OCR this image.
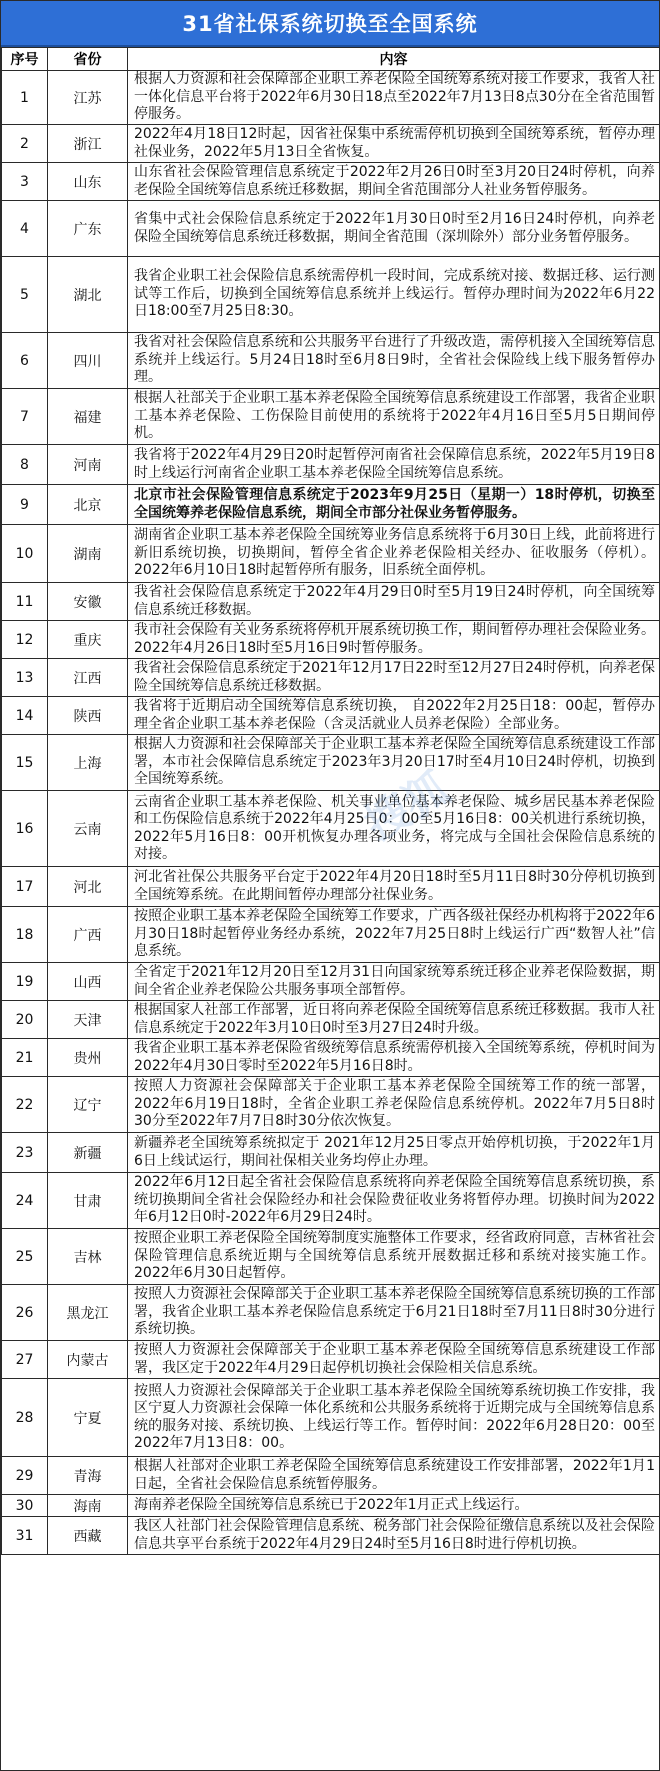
31省社保系统切换至全国系统
序号	省份	内容
1	江苏	根据人力资源和社会保障部企业职工养老保险全国统筹系统对接工作要求，我省人社一体化信息平台将于2022年6月30日18点至2022年7月13日8点30分在全省范围暂停服务。
2	浙江	2022年4月18日12时起，因省社保集中系统需停机切换到全国统筹系统，暂停办理社保业务，2022年5月13日全省恢复。
3	山东	山东省社会保险管理信息系统定于2022年2月26日0时至3月20日24时停机，向养老保险全国统筹信息系统迁移数据，期间全省范围部分人社业务暂停服务。
4	广东	省集中式社会保险信息系统定于2022年1月30日0时至2月16日24时停机，向养老保险全国统筹信息系统迁移数据，期间全省范围（深圳除外）部分业务暂停服务。
5	湖北	我省企业职工社会保险信息系统需停机一段时间，完成系统对接、数据迁移、运行测试等工作后，切换到全国统筹信息系统并上线运行。暂停办理时间为2022年6月22日18:00至7月25日8:30。
6	四川	我省对社会保险信息系统和公共服务平台进行了升级改造，需停机接入全国统筹信息系统并上线运行。5月24日18时至6月8日9时，全省社会保险线上线下服务暂停办理。
7	福建	根据人社部关于企业职工基本养老保险全国统筹信息系统建设工作部署，我省企业职工基本养老保险、工伤保险目前使用的系统将于2022年4月16日至5月5日期间停机。
8	河南	我省将于2022年4月29日20时起暂停河南省社会保障信息系统，2022年5月19日8时上线运行河南省企业职工基本养老保险全国统筹信息系统。
9	北京	北京市社会保险管理信息系统定于2023年9月25日（星期一）18时停机，切换至全国统筹养老保险信息系统，期间全市部分社保业务暂停服务。
10	湖南	湖南省企业职工基本养老保险全国统筹业务信息系统将于6月30日上线，此前将进行新旧系统切换，切换期间，暂停全省企业养老保险相关经办、征收服务（停机）。2022年6月10日18时起暂停所有服务，旧系统全面停机。
11	安徽	我省社会保险信息系统定于2022年4月29日0时至5月19日24时停机，向全国统筹信息系统迁移数据。
12	重庆	我市社会保险有关业务系统将停机开展系统切换工作，期间暂停办理社会保险业务。2022年4月26日18时至5月16日9时暂停服务。
13	江西	我省社会保险信息系统定于2021年12月17日22时至12月27日24时停机，向养老保险全国统筹信息系统迁移数据。
14	陕西	我省将于近期启动全国统筹信息系统切换， 自2022年2月25日18：00起，暂停办理全省企业职工基本养老保险（含灵活就业人员养老保险）全部业务。
15	上海	根据人力资源和社会保障部关于企业职工基本养老保险全国统筹信息系统建设工作部署，本市社会保障信息系统定于2023年3月20日17时至4月10日24时停机，切换到全国统筹系统。
16	云南	云南省企业职工基本养老保险、机关事业单位基本养老保险、城乡居民基本养老保险和工伤保险信息系统于2022年4月25日0：00至5月16日8：00关机进行系统切换，2022年5月16日8：00开机恢复办理各项业务，将完成与全国社会保险信息系统的对接。
17	河北	河北省社保公共服务平台定于2022年4月20日18时至5月11日8时30分停机切换到全国统筹系统。在此期间暂停办理部分社保业务。
18	广西	按照企业职工基本养老保险全国统筹工作要求，广西各级社保经办机构将于2022年6月30日18时起暂停业务经办系统，2022年7月25日8时上线运行广西“数智人社”信息系统。
19	山西	全省定于2021年12月20日至12月31日向国家统筹系统迁移企业养老保险数据，期间全省企业养老保险公共服务事项全部暂停。
20	天津	根据国家人社部工作部署，近日将向养老保险全国统筹信息系统迁移数据。我市人社信息系统定于2022年3月10日0时至3月27日24时升级。
21	贵州	我省企业职工基本养老保险省级统筹信息系统需停机接入全国统筹系统，停机时间为2022年4月30日零时至2022年5月16日8时。
22	辽宁	按照人力资源社会保障部关于企业职工基本养老保险全国统筹工作的统一部署，2022年6月19日18时，全省企业职工养老保险信息系统停机。2022年7月5日8时30分至2022年7月7日8时30分依次恢复。
23	新疆	新疆养老全国统筹系统拟定于 2021年12月25日零点开始停机切换，于2022年1月6日上线试运行，期间社保相关业务均停止办理。
24	甘肃	2022年6月12日起全省社会保险信息系统将向养老保险全国统筹信息系统切换，系统切换期间全省社会保险经办和社会保险费征收业务将暂停办理。切换时间为2022年6月12日0时-2022年6月29日24时。
25	吉林	按照企业职工养老保险全国统筹制度实施整体工作要求，经省政府同意，吉林省社会保险管理信息系统近期与全国统筹信息系统开展数据迁移和系统对接实施工作。2022年6月30日起暂停。
26	黑龙江	按照人力资源社会保障部关于企业职工基本养老保险全国统筹信息系统切换的工作部署，我省企业职工基本养老保险信息系统定于6月21日18时至7月11日8时30分进行系统切换。
27	内蒙古	按照人力资源社会保障部关于企业职工基本养老保险全国统筹信息系统建设工作部署，我区定于2022年4月29日起停机切换社会保险相关信息系统。
28	宁夏	按照人力资源社会保障部关于企业职工基本养老保险全国统筹系统切换工作安排，我区宁夏人力资源社会保障一体化系统和公共服务系统将于近期完成与全国统筹信息系统的服务对接、系统切换、上线运行等工作。暂停时间：2022年6月28日20：00至2022年7月13日8：00。
29	青海	根据人社部对企业职工养老保险全国统筹信息系统建设工作安排部署，2022年1月1日起，全省社会保险信息系统暂停服务。
30	海南	海南养老保险全国统筹信息系统已于2022年1月正式上线运行。
31	西藏	我区人社部门社会保险管理信息系统、税务部门社会保险征缴信息系统以及社会保险信息共享平台系统于2022年4月29日24时至5月16日8时进行停机切换。
搜狐
